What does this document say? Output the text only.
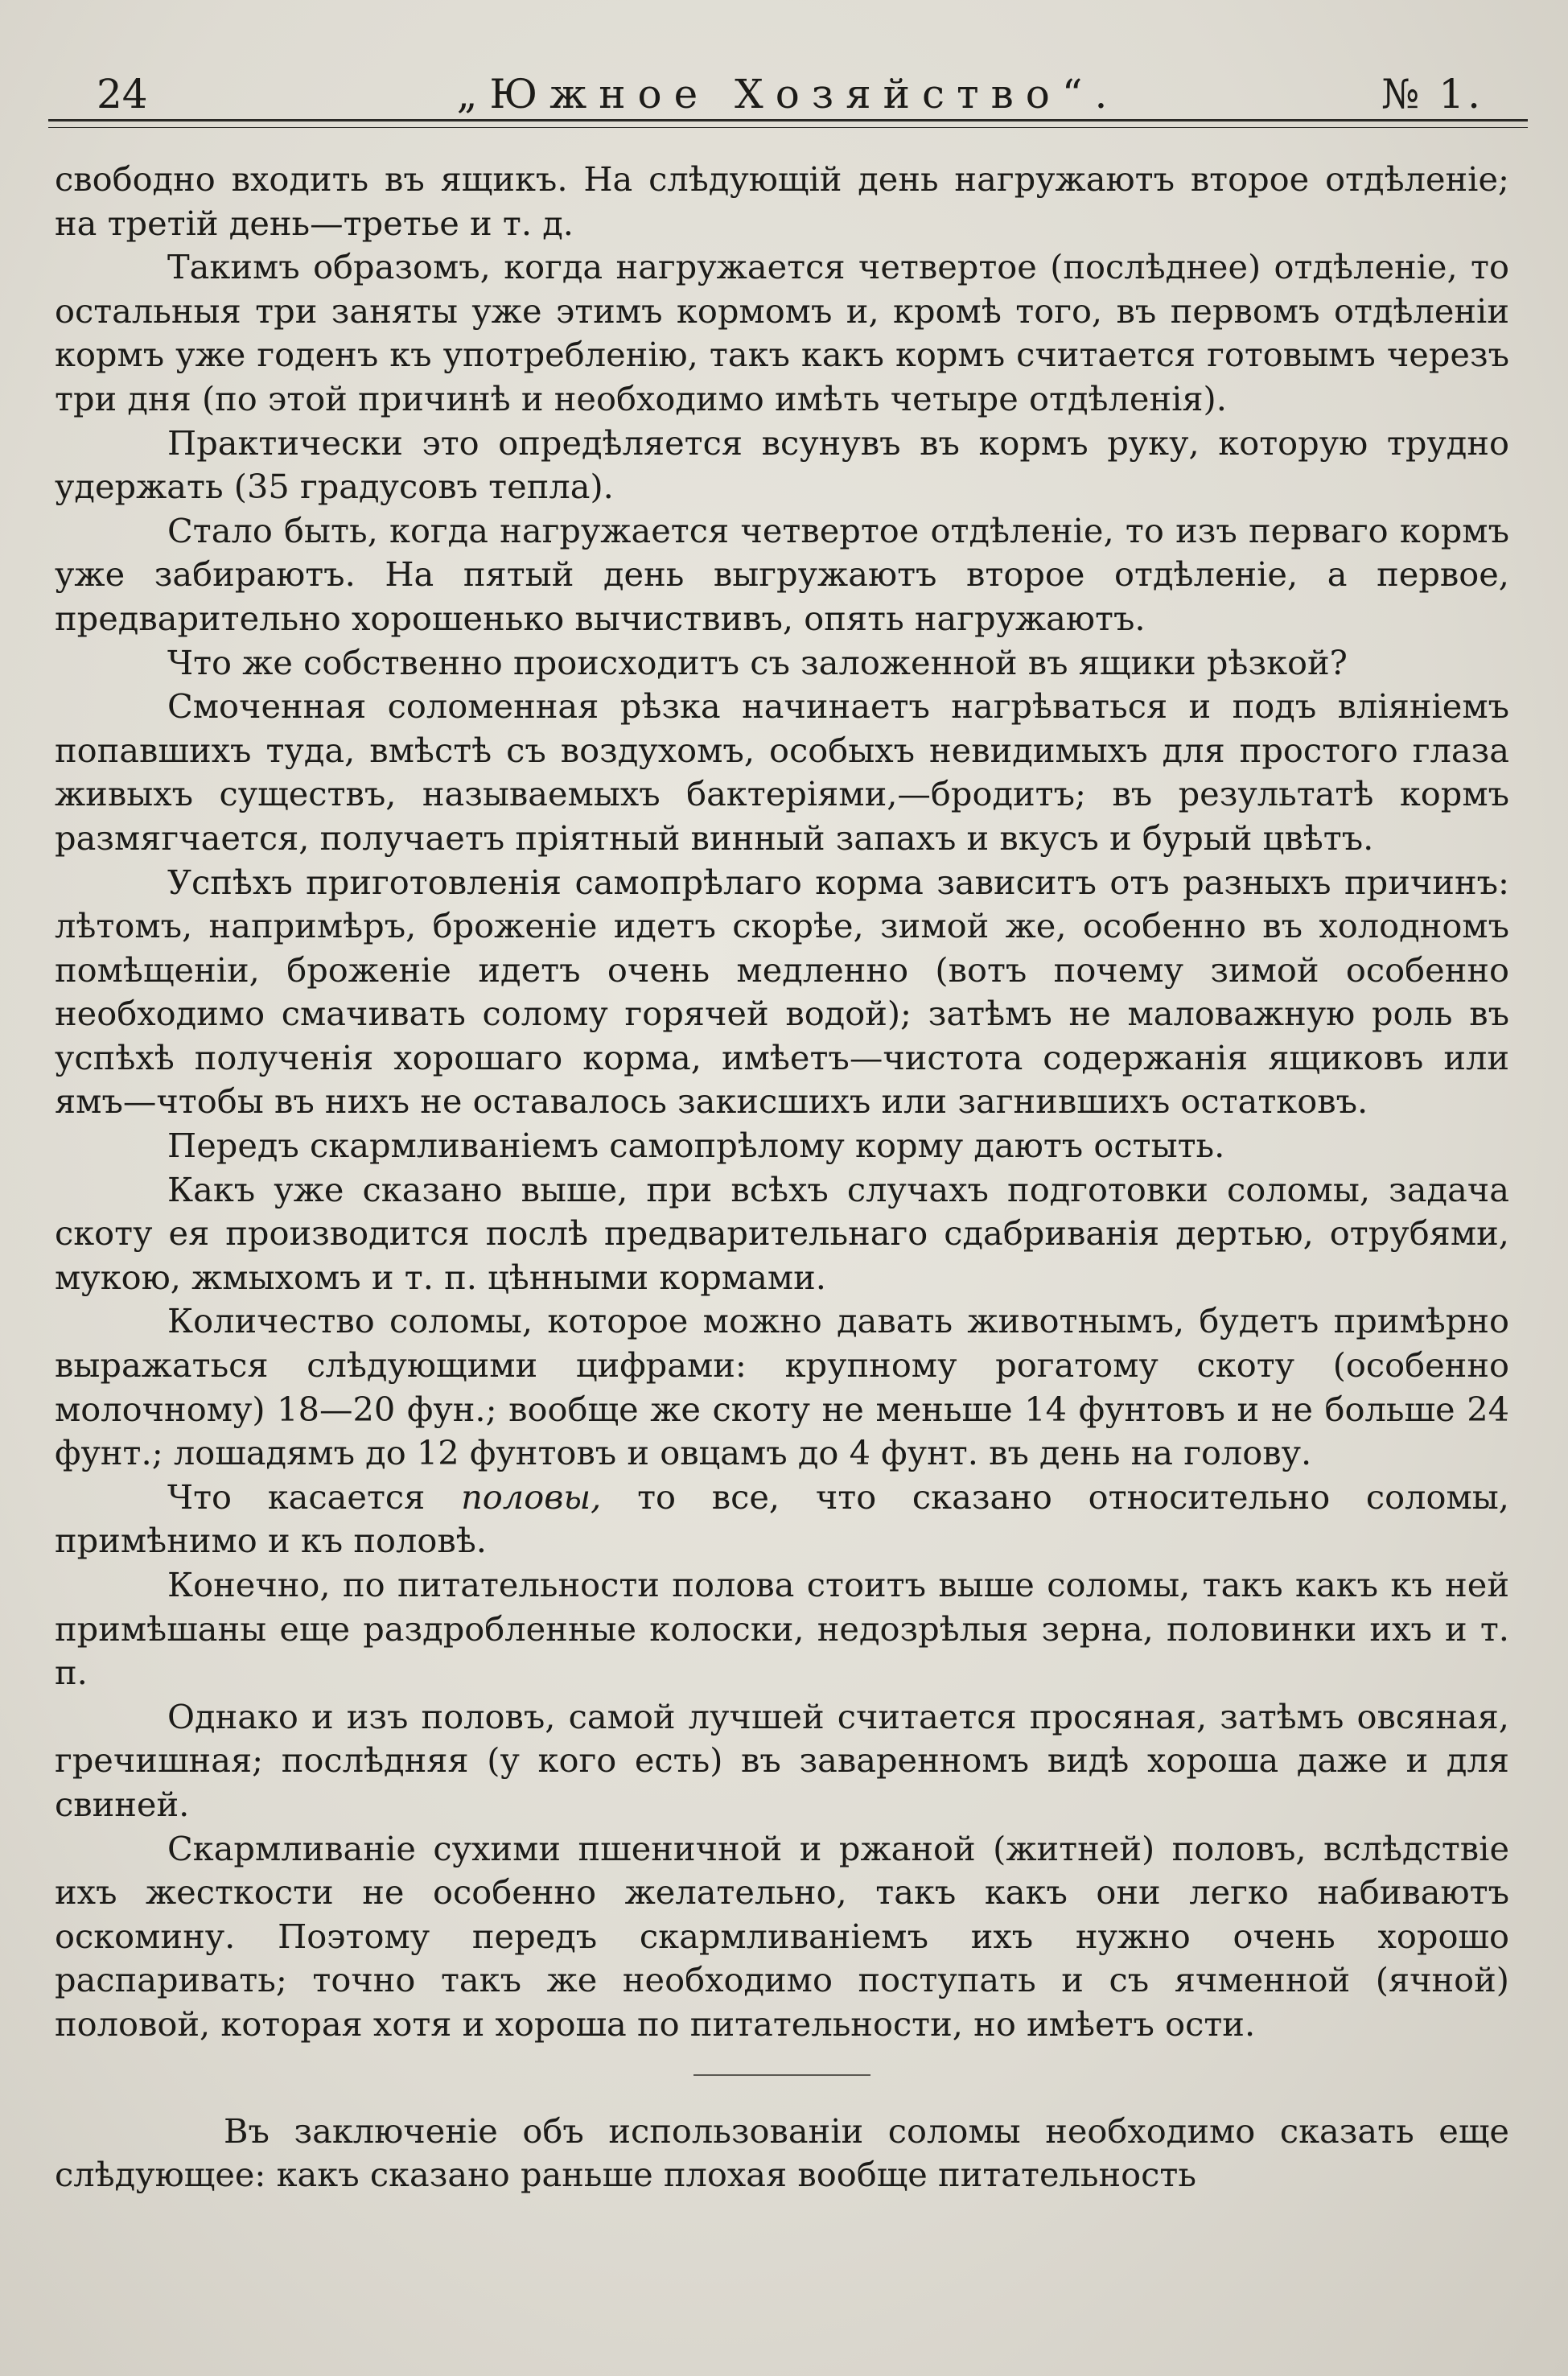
24	„Южное Хозяйство“.	№ 1.

свободно входить въ ящикъ. На слѣдующій день нагружаютъ второе отдѣленіе; на третій день—третье и т. д.

Такимъ образомъ, когда нагружается четвертое (послѣднее) отдѣленіе, то остальныя три заняты уже этимъ кормомъ и, кромѣ того, въ первомъ отдѣленіи кормъ уже годенъ къ употребленію, такъ какъ кормъ считается готовымъ черезъ три дня (по этой причинѣ и необходимо имѣть четыре отдѣленія).

Практически это опредѣляется всунувъ въ кормъ руку, которую трудно удержать (35 градусовъ тепла).

Стало быть, когда нагружается четвертое отдѣленіе, то изъ перваго кормъ уже забираютъ. На пятый день выгружаютъ второе отдѣленіе, а первое, предварительно хорошенько вычиствивъ, опять нагружаютъ.

Что же собственно происходитъ съ заложенной въ ящики рѣзкой?

Смоченная соломенная рѣзка начинаетъ нагрѣваться и подъ вліяніемъ попавшихъ туда, вмѣстѣ съ воздухомъ, особыхъ невидимыхъ для простого глаза живыхъ существъ, называемыхъ бактеріями,—бродитъ; въ результатѣ кормъ размягчается, получаетъ пріятный винный запахъ и вкусъ и бурый цвѣтъ.

Успѣхъ приготовленія самопрѣлаго корма зависитъ отъ разныхъ причинъ: лѣтомъ, напримѣръ, броженіе идетъ скорѣе, зимой же, особенно въ холодномъ помѣщеніи, броженіе идетъ очень медленно (вотъ почему зимой особенно необходимо смачивать солому горячей водой); затѣмъ не маловажную роль въ успѣхѣ полученія хорошаго корма, имѣетъ—чистота содержанія ящиковъ или ямъ—чтобы въ нихъ не оставалось закисшихъ или загнившихъ остатковъ.

Передъ скармливаніемъ самопрѣлому корму даютъ остыть.

Какъ уже сказано выше, при всѣхъ случахъ подготовки соломы, задача скоту ея производится послѣ предварительнаго сдабриванія дертью, отрубями, мукою, жмыхомъ и т. п. цѣнными кормами.

Количество соломы, которое можно давать животнымъ, будетъ примѣрно выражаться слѣдующими цифрами: крупному рогатому скоту (особенно молочному) 18—20 фун.; вообще же скоту не меньше 14 фунтовъ и не больше 24 фунт.; лошадямъ до 12 фунтовъ и овцамъ до 4 фунт. въ день на голову.

Что касается половы, то все, что сказано относительно соломы, примѣнимо и къ половѣ.

Конечно, по питательности полова стоитъ выше соломы, такъ какъ къ ней примѣшаны еще раздробленные колоски, недозрѣлыя зерна, половинки ихъ и т. п.

Однако и изъ половъ, самой лучшей считается просяная, затѣмъ овсяная, гречишная; послѣдняя (у кого есть) въ заваренномъ видѣ хороша даже и для свиней.

Скармливаніе сухими пшеничной и ржаной (житней) половъ, вслѣдствіе ихъ жесткости не особенно желательно, такъ какъ они легко набиваютъ оскомину. Поэтому передъ скармливаніемъ ихъ нужно очень хорошо распаривать; точно такъ же необходимо поступать и съ ячменной (ячной) половой, которая хотя и хороша по питательности, но имѣетъ ости.

Въ заключеніе объ использованіи соломы необходимо сказать еще слѣдующее: какъ сказано раньше плохая вообще питательность
